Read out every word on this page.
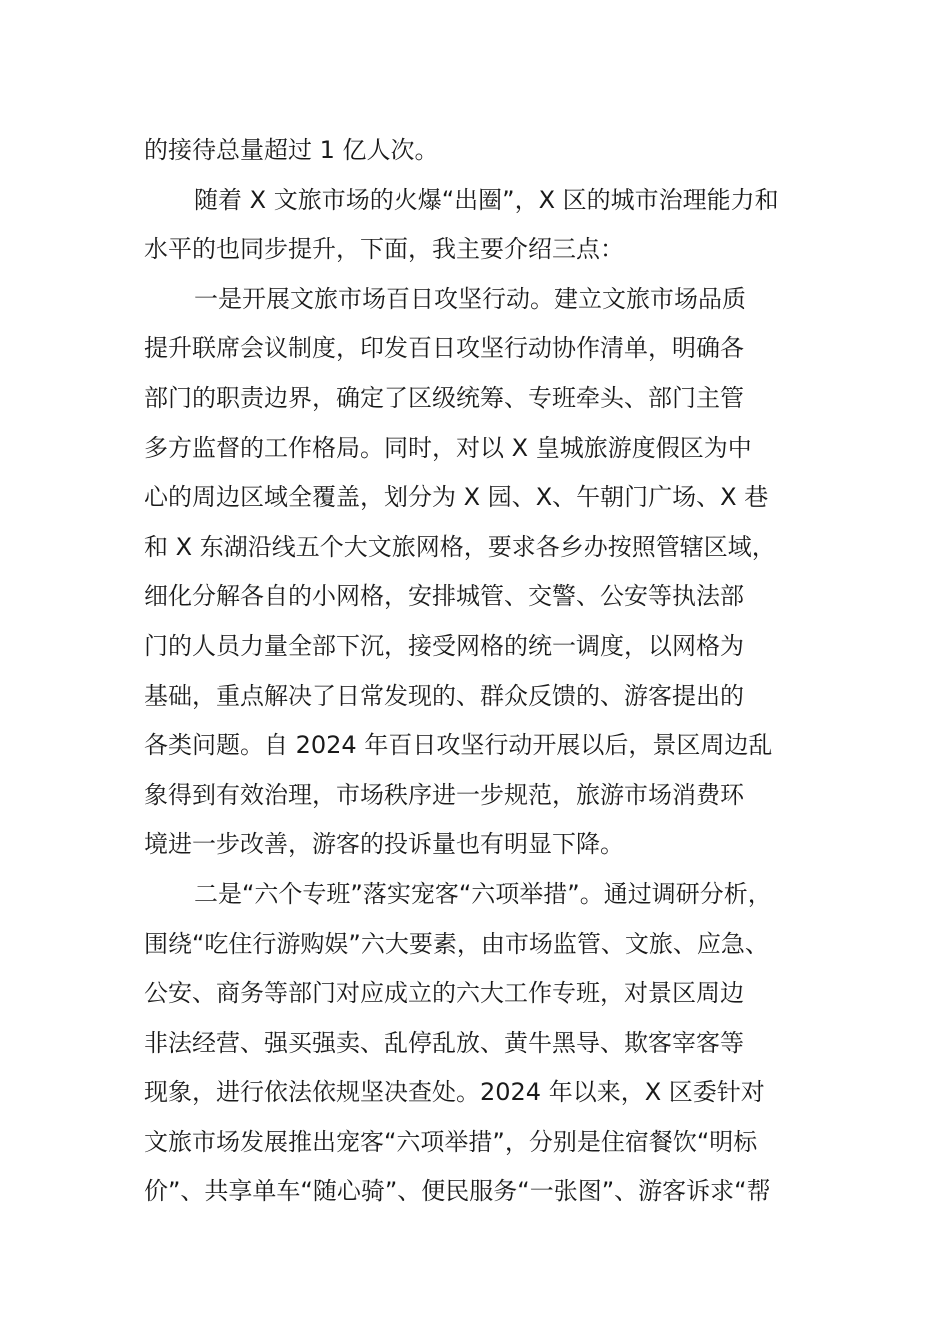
的接待总量超过 1 亿人次。
随着 X 文旅市场的火爆“出圈”，X 区的城市治理能力和
水平的也同步提升，下面，我主要介绍三点：
一是开展文旅市场百日攻坚行动。建立文旅市场品质
提升联席会议制度，印发百日攻坚行动协作清单，明确各
部门的职责边界，确定了区级统筹、专班牵头、部门主管
多方监督的工作格局。同时，对以 X 皇城旅游度假区为中
心的周边区域全覆盖，划分为 X 园、X、午朝门广场、X 巷
和 X 东湖沿线五个大文旅网格，要求各乡办按照管辖区域，
细化分解各自的小网格，安排城管、交警、公安等执法部
门的人员力量全部下沉，接受网格的统一调度，以网格为
基础，重点解决了日常发现的、群众反馈的、游客提出的
各类问题。自 2024 年百日攻坚行动开展以后，景区周边乱
象得到有效治理，市场秩序进一步规范，旅游市场消费环
境进一步改善，游客的投诉量也有明显下降。
二是“六个专班”落实宠客“六项举措”。通过调研分析，
围绕“吃住行游购娱”六大要素，由市场监管、文旅、应急、
公安、商务等部门对应成立的六大工作专班，对景区周边
非法经营、强买强卖、乱停乱放、黄牛黑导、欺客宰客等
现象，进行依法依规坚决查处。2024 年以来，X 区委针对
文旅市场发展推出宠客“六项举措”，分别是住宿餐饮“明标
价”、共享单车“随心骑”、便民服务“一张图”、游客诉求“帮
